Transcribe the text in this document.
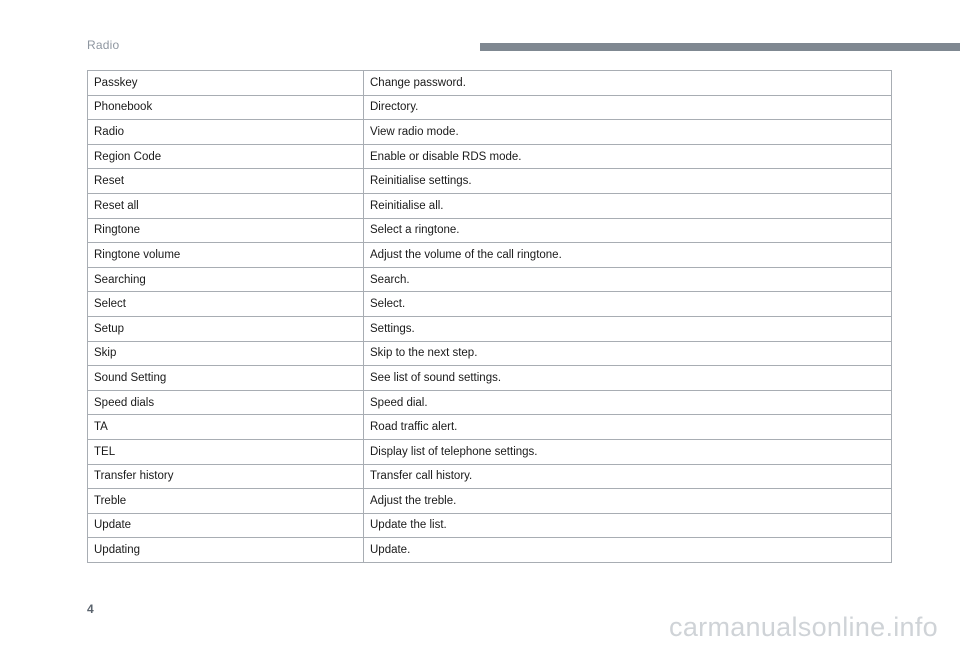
Radio
Passkey	Change password.
Phonebook	Directory.
Radio	View radio mode.
Region Code	Enable or disable RDS mode.
Reset	Reinitialise settings.
Reset all	Reinitialise all.
Ringtone	Select a ringtone.
Ringtone volume	Adjust the volume of the call ringtone.
Searching	Search.
Select	Select.
Setup	Settings.
Skip	Skip to the next step.
Sound Setting	See list of sound settings.
Speed dials	Speed dial.
TA	Road traffic alert.
TEL	Display list of telephone settings.
Transfer history	Transfer call history.
Treble	Adjust the treble.
Update	Update the list.
Updating	Update.
4
carmanualsonline.info
